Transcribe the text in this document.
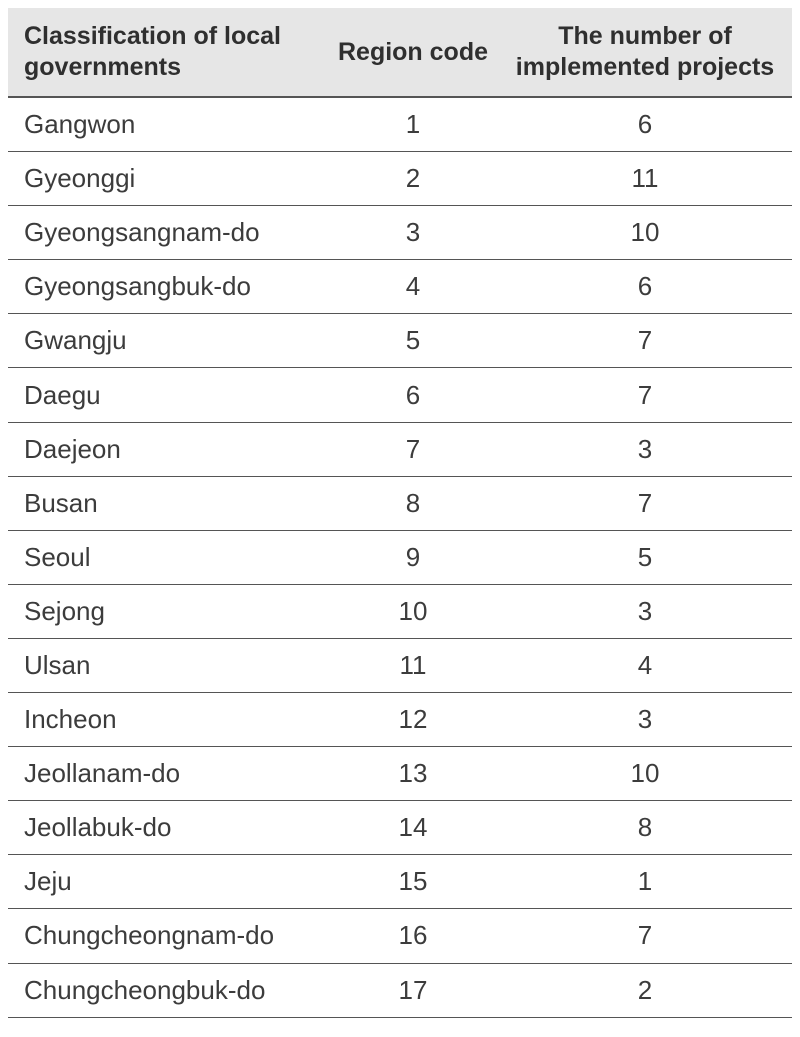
Classification of local governments	Region code	The number of implemented projects
Gangwon	1	6
Gyeonggi	2	11
Gyeongsangnam-do	3	10
Gyeongsangbuk-do	4	6
Gwangju	5	7
Daegu	6	7
Daejeon	7	3
Busan	8	7
Seoul	9	5
Sejong	10	3
Ulsan	11	4
Incheon	12	3
Jeollanam-do	13	10
Jeollabuk-do	14	8
Jeju	15	1
Chungcheongnam-do	16	7
Chungcheongbuk-do	17	2
